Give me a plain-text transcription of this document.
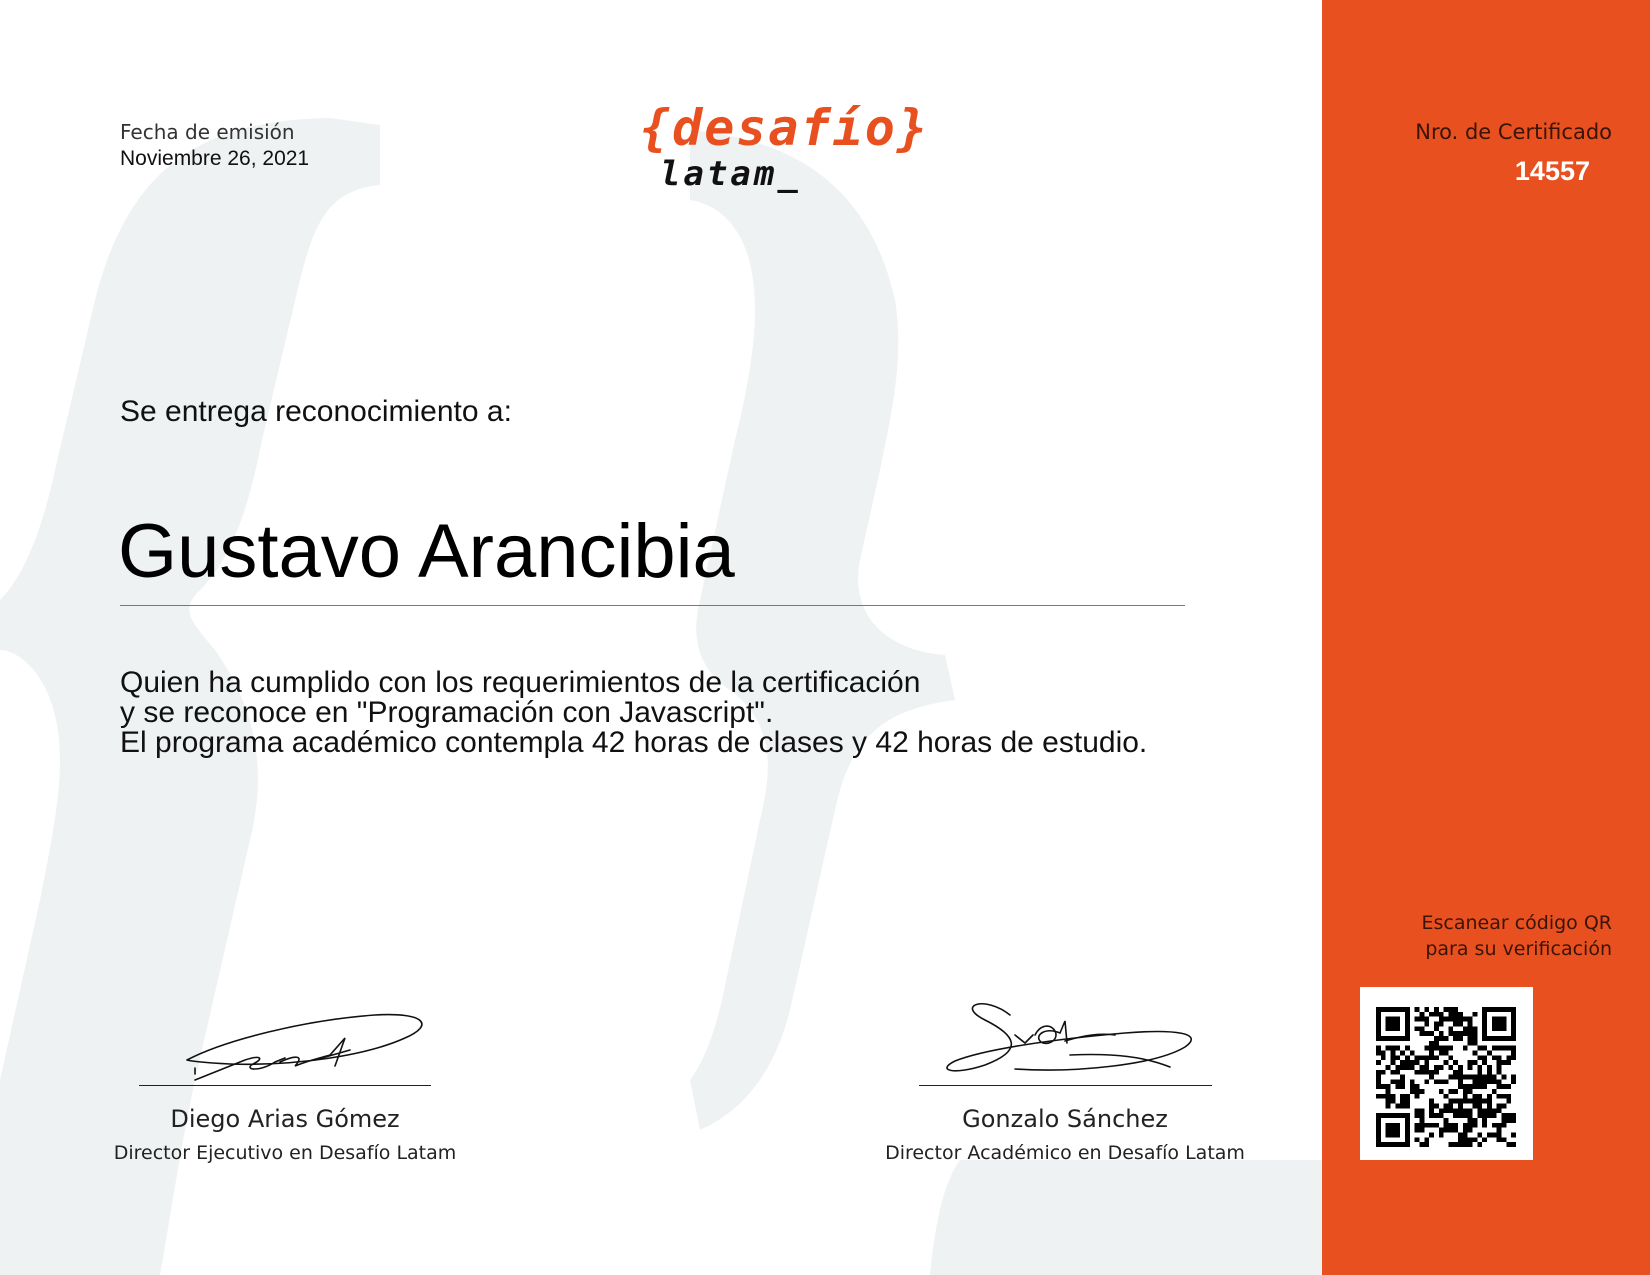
Fecha de emisión
Noviembre 26, 2021
{desafío}
latam_
Nro. de Certificado
14557
Se entrega reconocimiento a:
Gustavo Arancibia
Quien ha cumplido con los requerimientos de la certificación
y se reconoce en "Programación con Javascript".
El programa académico contempla 42 horas de clases y 42 horas de estudio.
Diego Arias Gómez
Director Ejecutivo en Desafío Latam
Gonzalo Sánchez
Director Académico en Desafío Latam
Escanear código QR
para su verificación
